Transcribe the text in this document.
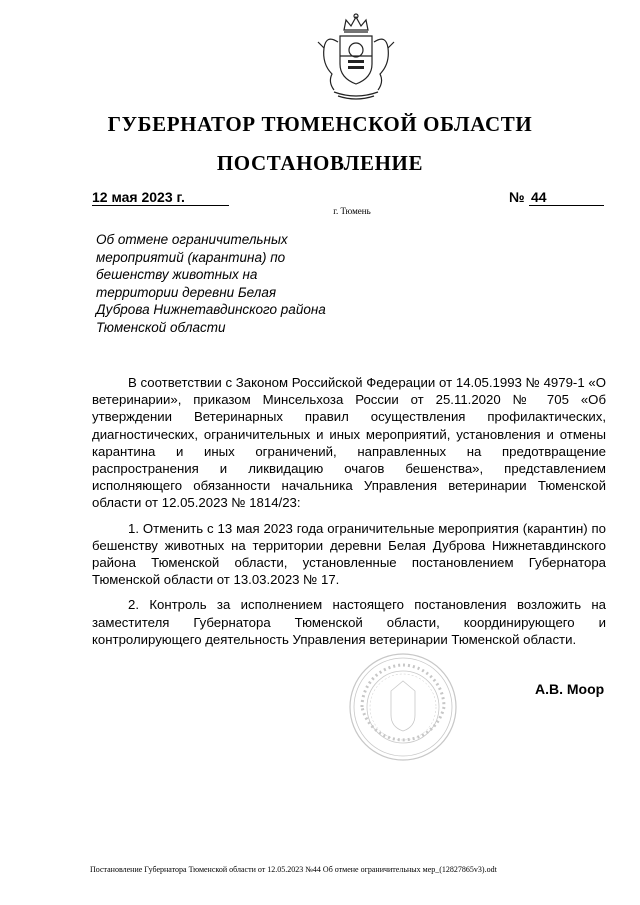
ГУБЕРНАТОР ТЮМЕНСКОЙ ОБЛАСТИ
ПОСТАНОВЛЕНИЕ
12 мая 2023 г.	№ 44
г. Тюмень
Об отмене ограничительных
мероприятий (карантина) по
бешенству животных на
территории деревни Белая
Дуброва Нижнетавдинского района
Тюменской области

В соответствии с Законом Российской Федерации от 14.05.1993 № 4979-1 «О ветеринарии», приказом Минсельхоза России от 25.11.2020 № 705 «Об утверждении Ветеринарных правил осуществления профилактических, диагностических, ограничительных и иных мероприятий, установления и отмены карантина и иных ограничений, направленных на предотвращение распространения и ликвидацию очагов бешенства», представлением исполняющего обязанности начальника Управления ветеринарии Тюменской области от 12.05.2023 № 1814/23:

1. Отменить с 13 мая 2023 года ограничительные мероприятия (карантин) по бешенству животных на территории деревни Белая Дуброва Нижнетавдинского района Тюменской области, установленные постановлением Губернатора Тюменской области от 13.03.2023 № 17.

2. Контроль за исполнением настоящего постановления возложить на заместителя Губернатора Тюменской области, координирующего и контролирующего деятельность Управления ветеринарии Тюменской области.

А.В. Моор
Постановление Губернатора Тюменской области от 12.05.2023 №44 Об отмене ограничительных мер_(12827865v3).odt
